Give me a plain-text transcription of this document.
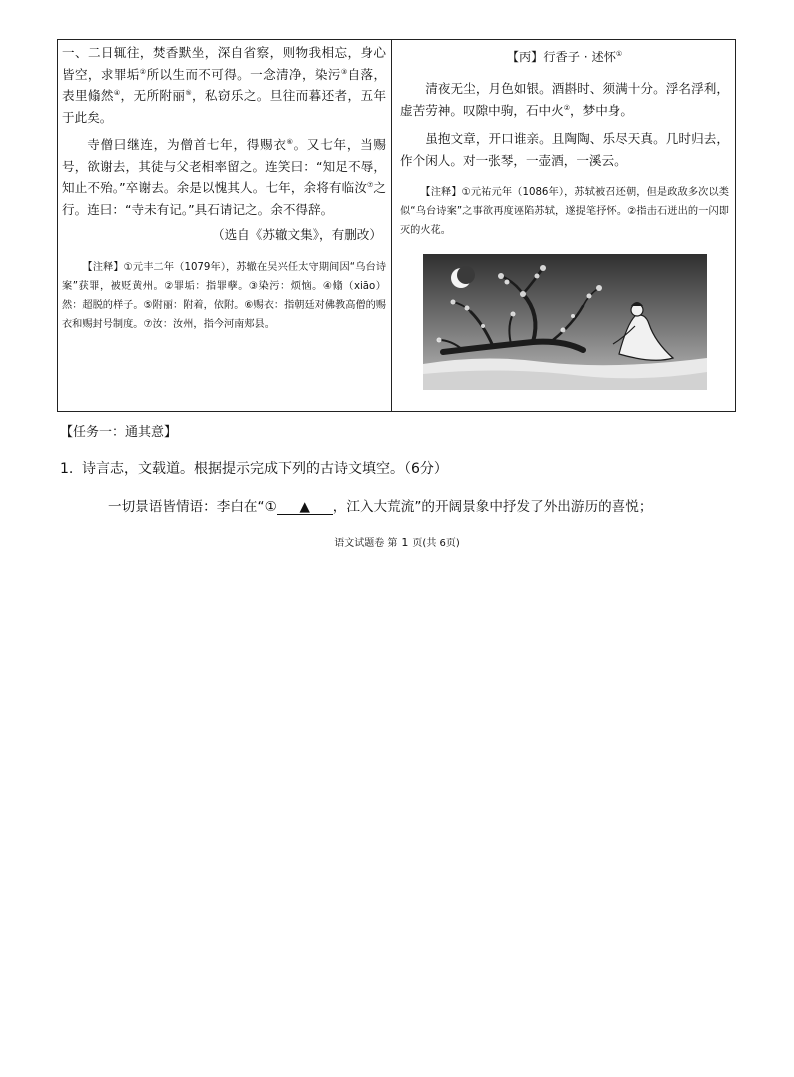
一、二日辄往，焚香默坐，深自省察，则物我相忘，身心皆空，求罪垢②所以生而不可得。一念清净，染污③自落，表里翛然④，无所附丽⑤，私窃乐之。旦往而暮还者，五年于此矣。

寺僧曰继连，为僧首七年，得赐衣⑥。又七年，当赐号，欲谢去，其徒与父老相率留之。连笑曰：“知足不辱，知止不殆。”卒谢去。余是以愧其人。七年，余将有临汝⑦之行。连曰：“寺未有记。”具石请记之。余不得辞。

（选自《苏辙文集》，有删改）

【注释】①元丰二年（1079年），苏辙在吴兴任太守期间因“乌台诗案”获罪，被贬黄州。②罪垢：指罪孽。③染污：烦恼。④翛（xiāo）然：超脱的样子。⑤附丽：附着，依附。⑥赐衣：指朝廷对佛教高僧的赐衣和赐封号制度。⑦汝：汝州，指今河南郏县。

【丙】行香子 · 述怀①

清夜无尘，月色如银。酒斟时、须满十分。浮名浮利，虚苦劳神。叹隙中驹，石中火②，梦中身。

虽抱文章，开口谁亲。且陶陶、乐尽天真。几时归去，作个闲人。对一张琴，一壶酒，一溪云。

【注释】①元祐元年（1086年），苏轼被召还朝，但是政敌多次以类似“乌台诗案”之事欲再度诬陷苏轼，遂提笔抒怀。②指击石迸出的一闪即灭的火花。

【任务一：通其意】
1. 诗言志，文载道。根据提示完成下列的古诗文填空。（6分）
一切景语皆情语：李白在“① ▲ ，江入大荒流”的开阔景象中抒发了外出游历的喜悦；
语文试题卷 第 1 页(共 6页)
